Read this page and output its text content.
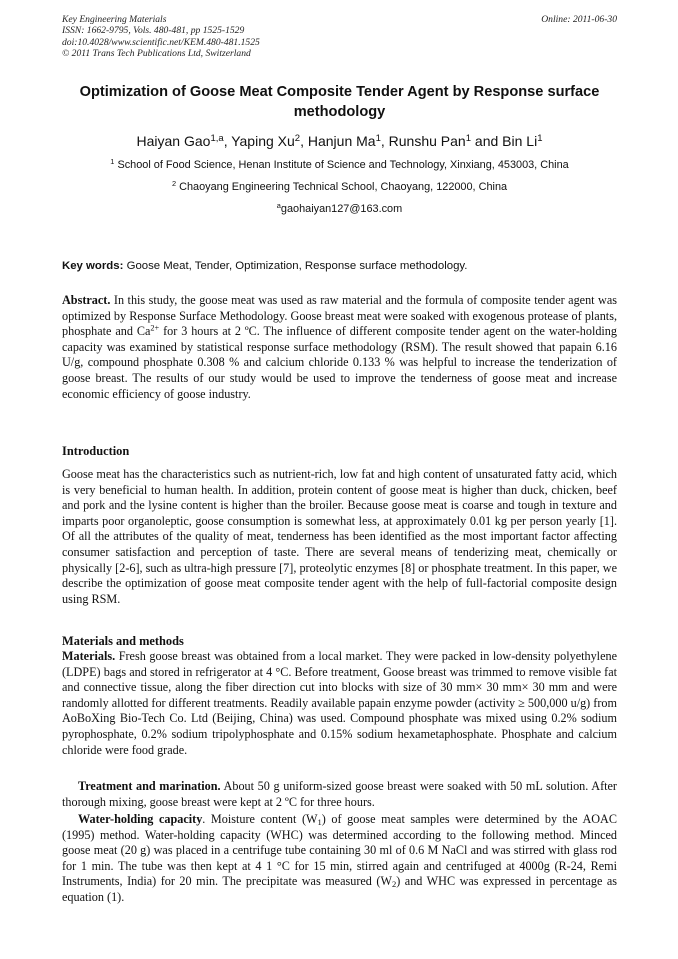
Key Engineering Materials
ISSN: 1662-9795, Vols. 480-481, pp 1525-1529
doi:10.4028/www.scientific.net/KEM.480-481.1525
© 2011 Trans Tech Publications Ltd, Switzerland
Online: 2011-06-30
Optimization of Goose Meat Composite Tender Agent by Response surface methodology
Haiyan Gao$^{1,a}$, Yaping Xu$^2$, Hanjun Ma$^1$, Runshu Pan$^1$ and Bin Li$^1$
$^1$ School of Food Science, Henan Institute of Science and Technology, Xinxiang, 453003, China
$^2$ Chaoyang Engineering Technical School, Chaoyang, 122000, China
$^a$gaohaiyan127@163.com
Key words: Goose Meat, Tender, Optimization, Response surface methodology.
Abstract. In this study, the goose meat was used as raw material and the formula of composite tender agent was optimized by Response Surface Methodology. Goose breast meat were soaked with exogenous protease of plants, phosphate and $Ca^{2+}$ for 3 hours at 2 ºC. The influence of different composite tender agent on the water-holding capacity was examined by statistical response surface methodology (RSM). The result showed that papain 6.16 U/g, compound phosphate 0.308 % and calcium chloride 0.133 % was helpful to increase the tenderization of goose breast. The results of our study would be used to improve the tenderness of goose meat and increase economic efficiency of goose industry.
Introduction
Goose meat has the characteristics such as nutrient-rich, low fat and high content of unsaturated fatty acid, which is very beneficial to human health. In addition, protein content of goose meat is higher than duck, chicken, beef and pork and the lysine content is higher than the broiler. Because goose meat is coarse and tough in texture and imparts poor organoleptic, goose consumption is somewhat less, at approximately 0.01 kg per person yearly [1]. Of all the attributes of the quality of meat, tenderness has been identified as the most important factor affecting consumer satisfaction and perception of taste. There are several means of tenderizing meat, chemically or physically [2-6], such as ultra-high pressure [7], proteolytic enzymes [8] or phosphate treatment. In this paper, we describe the optimization of goose meat composite tender agent with the help of full-factorial composite design using RSM.
Materials and methods
Materials. Fresh goose breast was obtained from a local market. They were packed in low-density polyethylene (LDPE) bags and stored in refrigerator at 4 °C. Before treatment, Goose breast was trimmed to remove visible fat and connective tissue, along the fiber direction cut into blocks with size of 30 mm× 30 mm× 30 mm and were randomly allotted for different treatments. Readily available papain enzyme powder (activity ≥ 500,000 u/g) from AoBoXing Bio-Tech Co. Ltd (Beijing, China) was used. Compound phosphate was mixed using 0.2% sodium pyrophosphate, 0.2% sodium tripolyphosphate and 0.15% sodium hexametaphosphate. Phosphate and calcium chloride were food grade.
Treatment and marination. About 50 g uniform-sized goose breast were soaked with 50 mL solution. After thorough mixing, goose breast were kept at 2 ºC for three hours.
Water-holding capacity. Moisture content $(W_1)$ of goose meat samples were determined by the AOAC (1995) method. Water-holding capacity (WHC) was determined according to the following method. Minced goose meat (20 g) was placed in a centrifuge tube containing 30 ml of 0.6 M NaCl and was stirred with glass rod for 1 min. The tube was then kept at 4 1 °C for 15 min, stirred again and centrifuged at 4000g (R-24, Remi Instruments, India) for 20 min. The precipitate was measured $(W_2)$ and WHC was expressed in percentage as equation (1).
